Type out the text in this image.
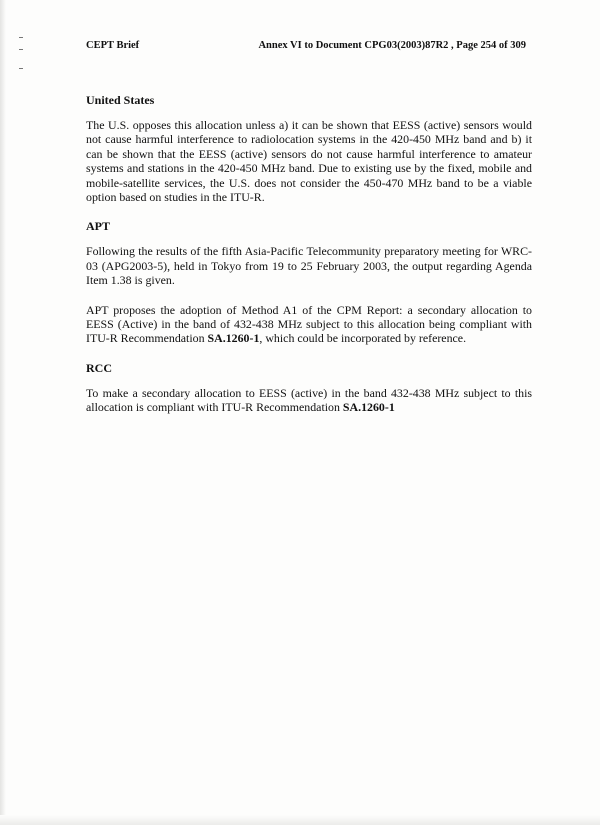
CEPT Brief	Annex VI to Document CPG03(2003)87R2 , Page 254 of 309
United States

The U.S. opposes this allocation unless a) it can be shown that EESS (active) sensors would not cause harmful interference to radiolocation systems in the 420-450 MHz band and b) it can be shown that the EESS (active) sensors do not cause harmful interference to amateur systems and stations in the 420-450 MHz band. Due to existing use by the fixed, mobile and mobile-satellite services, the U.S. does not consider the 450-470 MHz band to be a viable option based on studies in the ITU-R.

APT

Following the results of the fifth Asia-Pacific Telecommunity preparatory meeting for WRC-03 (APG2003-5), held in Tokyo from 19 to 25 February 2003, the output regarding Agenda Item 1.38 is given.

APT proposes the adoption of Method A1 of the CPM Report: a secondary allocation to EESS (Active) in the band of 432-438 MHz subject to this allocation being compliant with ITU-R Recommendation SA.1260-1, which could be incorporated by reference.

RCC

To make a secondary allocation to EESS (active) in the band 432-438 MHz subject to this allocation is compliant with ITU-R Recommendation SA.1260-1
